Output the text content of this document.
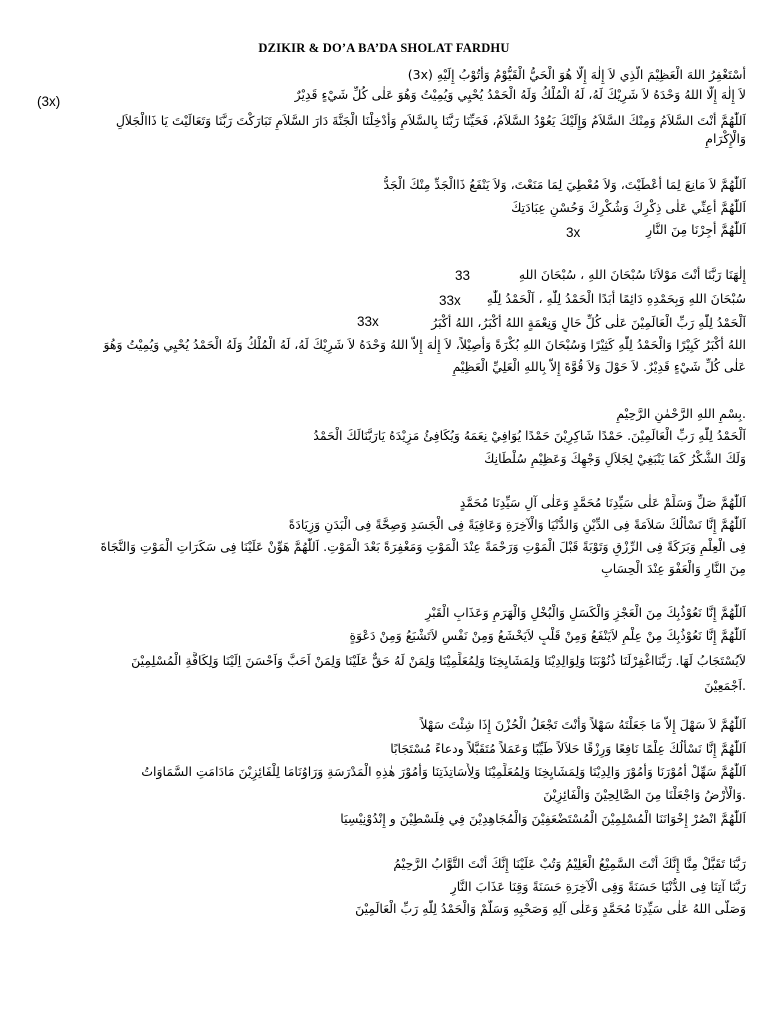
DZIKIR & DO’A BA’DA SHOLAT FARDHU
أَسْتَغْفِرُ اللهَ الْعَظِيْمَ الَّذِي لاَ إِلٰهَ إِلَّا هُوَ الْحَيُّ الْقَيُّوْمُ وَأَتُوْبُ إِلَيْهِ (3x)
لاَ إِلٰهَ إِلَّا اللهُ وَحْدَهُ لاَ شَرِيْكَ لَهُ، لَهُ الْمُلْكُ وَلَهُ الْحَمْدُ يُحْيِي وَيُمِيْتُ وَهُوَ عَلٰى كُلِّ شَيْءٍ قَدِيْرٌ
(3x)
اَللّٰهُمَّ أَنْتَ السَّلاَمُ وَمِنْكَ السَّلاَمُ وَإِلَيْكَ يَعُوْدُ السَّلاَمُ، فَحَيِّنَا رَبَّنَا بِالسَّلاَمِ وَأَدْخِلْنَا الْجَنَّةَ دَارَ السَّلاَمِ تَبَارَكْتَ رَبَّنَا وَتَعَالَيْتَ يَا ذَاالْجَلاَلِ
وَالْإِكْرَامِ
اَللّٰهُمَّ لاَ مَانِعَ لِمَا أَعْطَيْتَ، وَلاَ مُعْطِيَ لِمَا مَنَعْتَ، وَلاَ يَنْفَعُ ذَاالْجَدِّ مِنْكَ الْجَدُّ
اَللّٰهُمَّ أَعِنِّي عَلٰى ذِكْرِكَ وَشُكْرِكَ وَحُسْنِ عِبَادَتِكَ
اَللّٰهُمَّ أَجِرْنَا مِنَ النَّارِ
3x
إِلٰهَنَا رَبَّنَا أَنْتَ مَوْلاَنَا سُبْحَانَ اللهِ ، سُبْحَانَ اللهِ
33
سُبْحَانَ اللهِ وَبِحَمْدِهِ دَائِمًا أَبَدًا الْحَمْدُ لِلّٰهِ ، اَلْحَمْدُ لِلّٰهِ
33x
اَلْحَمْدُ لِلّٰهِ رَبِّ الْعَالَمِيْنَ عَلٰى كُلِّ حَالٍ وَنِعْمَةٍ اللهُ أَكْبَرُ، اللهُ أَكْبَرُ
33x
اللهُ أَكْبَرُ كَبِيْرًا وَالْحَمْدُ لِلّٰهِ كَثِيْرًا وَسُبْحَانَ اللهِ بُكْرَةً وَأَصِيْلاً، لاَ إِلٰهَ إِلاَّ اللهُ وَحْدَهُ لاَ شَرِيْكَ لَهُ، لَهُ الْمُلْكُ وَلَهُ الْحَمْدُ يُحْيِي وَيُمِيْتُ وَهُوَ
عَلٰى كُلِّ شَيْءٍ قَدِيْرٌ. لاَ حَوْلَ وَلاَ قُوَّةَ إِلاَّ بِاللهِ الْعَلِيِّ الْعَظِيْمِ
.بِسْمِ اللهِ الرَّحْمٰنِ الرَّحِيْمِ
اَلْحَمْدُ لِلّٰهِ رَبِّ الْعَالَمِيْنَ. حَمْدًا شَاكِرِيْنَ حَمْدًا يُوَافِيْ نِعَمَهُ وَيُكَافِئُ مَزِيْدَهُ يَارَبَّنَالَكَ الْحَمْدُ
وَلَكَ الشُّكْرُ كَمَا يَنْبَغِيْ لِجَلاَلِ وَجْهِكَ وَعَظِيْمِ سُلْطَانِكَ
اَللّٰهُمَّ صَلِّ وَسَلِّمْ عَلٰى سَيِّدِنَا مُحَمَّدٍ وَعَلٰى آلِ سَيِّدِنَا مُحَمَّدٍ
اَللّٰهُمَّ إِنَّا نَسْأَلُكَ سَلاَمَةً فِى الدِّيْنِ وَالدُّنْيَا وَالْآخِرَةِ وَعَافِيَةً فِى الْجَسَدِ وَصِحَّةً فِى الْبَدَنِ وَزِيَادَةً
فِى الْعِلْمِ وَبَرَكَةً فِى الرِّزْقِ وَتَوْبَةً قَبْلَ الْمَوْتِ وَرَحْمَةً عِنْدَ الْمَوْتِ وَمَغْفِرَةً بَعْدَ الْمَوْتِ. اَللّٰهُمَّ هَوِّنْ عَلَيْنَا فِى سَكَرَاتِ الْمَوْتِ وَالنَّجَاةَ
مِنَ النَّارِ وَالْعَفْوَ عِنْدَ الْحِسَابِ
اَللّٰهُمَّ إِنَّا نَعُوْذُبِكَ مِنَ الْعَجْزِ وَالْكَسَلِ وَالْبُخْلِ وَالْهَرَمِ وَعَذَابِ الْقَبْرِ
اَللّٰهُمَّ إِنَّا نَعُوْذُبِكَ مِنْ عِلْمٍ لاَيَنْفَعُ وَمِنْ قَلْبٍ لاَيَخْشَعُ وَمِنْ نَفْسٍ لاَتَشْبَعُ وَمِنْ دَعْوَةٍ
لاَيُسْتَجَابُ لَهَا. رَبَّنَااغْفِرْلَنَا ذُنُوْبَنَا وَلِوَالِدِيْنَا وَلِمَشَايِخِنَا وَلِمُعَلِّمِيْنَا وَلِمَنْ لَهُ حَقٌّ عَلَيْنَا وَلِمَنْ اَحَبَّ وَاَحْسَنَ اِلَيْنَا وَلِكَافَّةِ الْمُسْلِمِيْنَ
.اَجْمَعِيْنَ
اَللّٰهُمَّ لاَ سَهْلَ إِلاَّ مَا جَعَلْتَهُ سَهْلاً وَأَنْتَ تَجْعَلُ الْحُزْنَ إِذَا شِئْتَ سَهْلاً
اَللّٰهُمَّ إِنَّا نَسْأَلُكَ عِلْمًا نَافِعًا وَرِزْقًا حَلاَلاً طَيِّبًا وَعَمَلاً مُتَقَبَّلاً ودعاءً مُسْتَجَابًا
اَللّٰهُمَّ سَهِّلْ أُمُوْرَنَا وَأُمُوْرَ وَالِدِيْنَا وَلِمَشَايِخِنَا وَلِمُعَلِّمِيْنَا وَلِأَسَاتِذَتِنَا وَأُمُوْرَ هٰذِهِ الْمَدْرَسَةِ وَرَاوُنَامَا لِلْفَائِزِيْنَ مَادَامَتِ السَّمَاوَاتُ
.وَالْأَرْضُ وَاجْعَلْنَا مِنَ الصَّالِحِيْنَ وَالْفَائِزِيْنَ
اَللّٰهُمَّ انْصُرْ إِخْوَانَنَا الْمُسْلِمِيْنَ الْمُسْتَضْعَفِيْنَ وَالْمُجَاهِدِيْنَ فِي فِلَسْطِيْنَ و إِنْدُوْنِيْسِيَا
رَبَّنَا تَقَبَّلْ مِنَّا إِنَّكَ أَنْتَ السَّمِيْعُ الْعَلِيْمُ وَتُبْ عَلَيْنَا إِنَّكَ أَنْتَ التَّوَّابُ الرَّحِيْمُ
رَبَّنَا آتِنَا فِى الدُّنْيَا حَسَنَةً وَفِى الْآخِرَةِ حَسَنَةً وَقِنَا عَذَابَ النَّارِ
وَصَلَّى اللهُ عَلٰى سَيِّدِنَا مُحَمَّدٍ وَعَلٰى آلِهِ وَصَحْبِهِ وَسَلَّمْ وَالْحَمْدُ لِلّٰهِ رَبِّ الْعَالَمِيْنَ
